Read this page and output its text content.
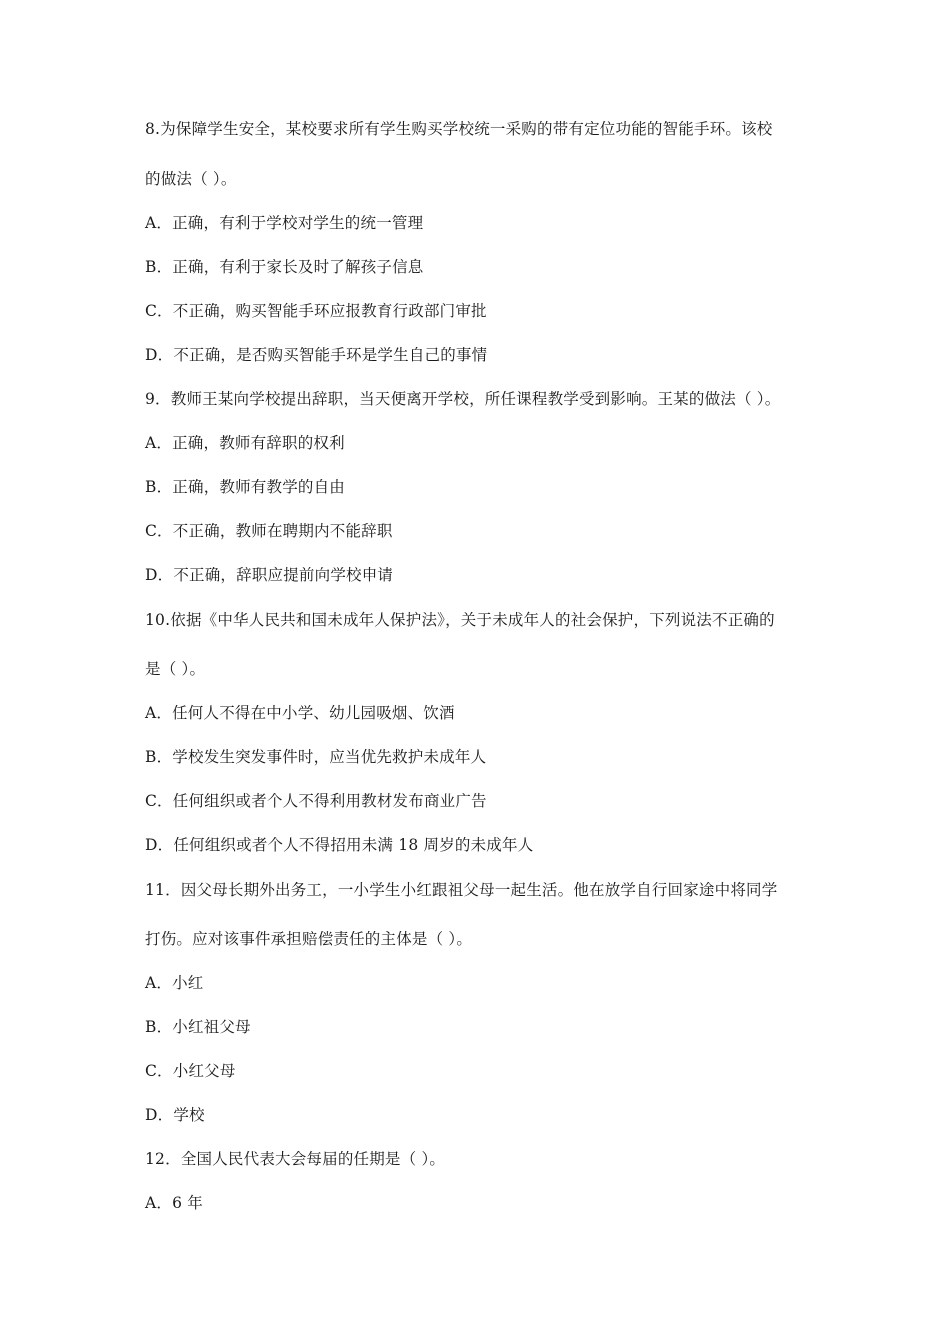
8.为保障学生安全，某校要求所有学生购买学校统一采购的带有定位功能的智能手环。该校
的做法（ ）。
A．正确，有利于学校对学生的统一管理
B．正确，有利于家长及时了解孩子信息
C．不正确，购买智能手环应报教育行政部门审批
D．不正确，是否购买智能手环是学生自己的事情
9．教师王某向学校提出辞职，当天便离开学校，所任课程教学受到影响。王某的做法（ ）。
A．正确，教师有辞职的权利
B．正确，教师有教学的自由
C．不正确，教师在聘期内不能辞职
D．不正确，辞职应提前向学校申请
10.依据《中华人民共和国未成年人保护法》，关于未成年人的社会保护，下列说法不正确的
是（ ）。
A．任何人不得在中小学、幼儿园吸烟、饮酒
B．学校发生突发事件时，应当优先救护未成年人
C．任何组织或者个人不得利用教材发布商业广告
D．任何组织或者个人不得招用未满 18 周岁的未成年人
11．因父母长期外出务工，一小学生小红跟祖父母一起生活。他在放学自行回家途中将同学
打伤。应对该事件承担赔偿责任的主体是（ ）。
A．小红
B．小红祖父母
C．小红父母
D．学校
12．全国人民代表大会每届的任期是（ ）。
A．6 年
